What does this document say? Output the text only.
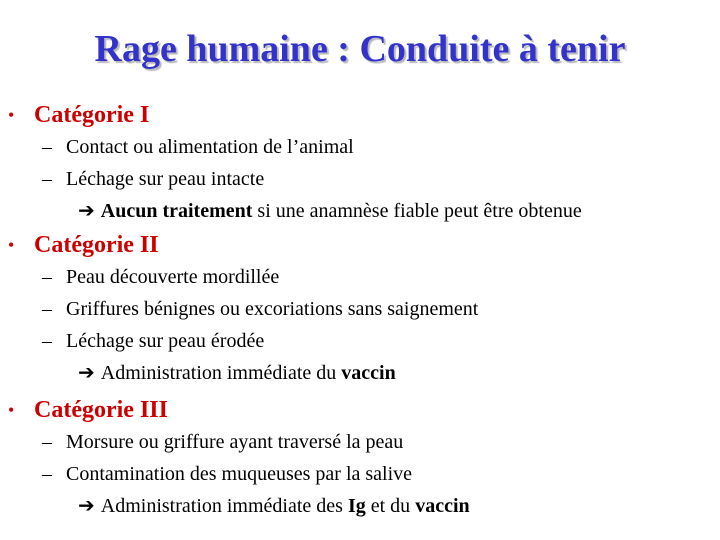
Rage humaine : Conduite à tenir
• Catégorie I
– Contact ou alimentation de l’animal
– Léchage sur peau intacte
➔ Aucun traitement si une anamnèse fiable peut être obtenue
• Catégorie II
– Peau découverte mordillée
– Griffures bénignes ou excoriations sans saignement
– Léchage sur peau érodée
➔ Administration immédiate du vaccin
• Catégorie III
– Morsure ou griffure ayant traversé la peau
– Contamination des muqueuses par la salive
➔ Administration immédiate des Ig et du vaccin
